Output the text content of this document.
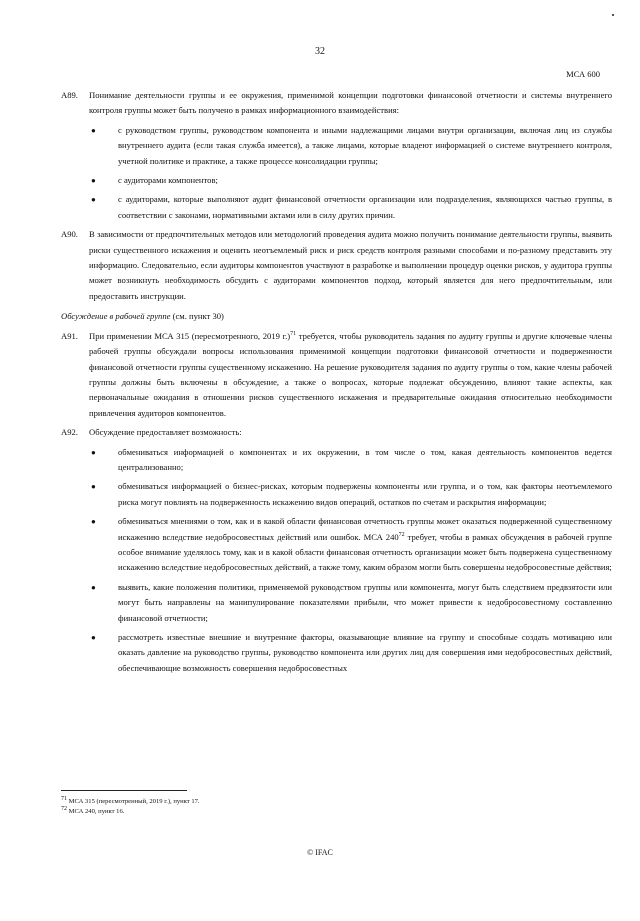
32
МСА 600
A89.	Понимание деятельности группы и ее окружения, применимой концепции подготовки финансовой отчетности и системы внутреннего контроля группы может быть получено в рамках информационного взаимодействия:
●	с руководством группы, руководством компонента и иными надлежащими лицами внутри организации, включая лиц из службы внутреннего аудита (если такая служба имеется), а также лицами, которые владеют информацией о системе внутреннего контроля, учетной политике и практике, а также процессе консолидации группы;
●	с аудиторами компонентов;
●	с аудиторами, которые выполняют аудит финансовой отчетности организации или подразделения, являющихся частью группы, в соответствии с законами, нормативными актами или в силу других причин.
A90.	В зависимости от предпочтительных методов или методологий проведения аудита можно получить понимание деятельности группы, выявить риски существенного искажения и оценить неотъемлемый риск и риск средств контроля разными способами и по-разному представить эту информацию. Следовательно, если аудиторы компонентов участвуют в разработке и выполнении процедур оценки рисков, у аудитора группы может возникнуть необходимость обсудить с аудиторами компонентов подход, который является для него предпочтительным, или предоставить инструкции.
Обсуждение в рабочей группе (см. пункт 30)
A91.	При применении МСА 315 (пересмотренного, 2019 г.)$^{71}$ требуется, чтобы руководитель задания по аудиту группы и другие ключевые члены рабочей группы обсуждали вопросы использования применимой концепции подготовки финансовой отчетности и подверженности финансовой отчетности группы существенному искажению. На решение руководителя задания по аудиту группы о том, какие члены рабочей группы должны быть включены в обсуждение, а также о вопросах, которые подлежат обсуждению, влияют такие аспекты, как первоначальные ожидания в отношении рисков существенного искажения и предварительные ожидания относительно необходимости привлечения аудиторов компонентов.
A92.	Обсуждение предоставляет возможность:
●	обмениваться информацией о компонентах и их окружении, в том числе о том, какая деятельность компонентов ведется централизованно;
●	обмениваться информацией о бизнес-рисках, которым подвержены компоненты или группа, и о том, как факторы неотъемлемого риска могут повлиять на подверженность искажению видов операций, остатков по счетам и раскрытия информации;
●	обмениваться мнениями о том, как и в какой области финансовая отчетность группы может оказаться подверженной существенному искажению вследствие недобросовестных действий или ошибок. МСА $240^{72}$ требует, чтобы в рамках обсуждения в рабочей группе особое внимание уделялось тому, как и в какой области финансовая отчетность организации может быть подвержена существенному искажению вследствие недобросовестных действий, а также тому, каким образом могли быть совершены недобросовестные действия;
●	выявить, какие положения политики, применяемой руководством группы или компонента, могут быть следствием предвзятости или могут быть направлены на манипулирование показателями прибыли, что может привести к недобросовестному составлению финансовой отчетности;
●	рассмотреть известные внешние и внутренние факторы, оказывающие влияние на группу и способные создать мотивацию или оказать давление на руководство группы, руководство компонента или других лиц для совершения ими недобросовестных действий, обеспечивающие возможность совершения недобросовестных
$^{71}$ МСА 315 (пересмотренный, 2019 г.), пункт 17.
$^{72}$ МСА 240, пункт 16.
© IFAC
